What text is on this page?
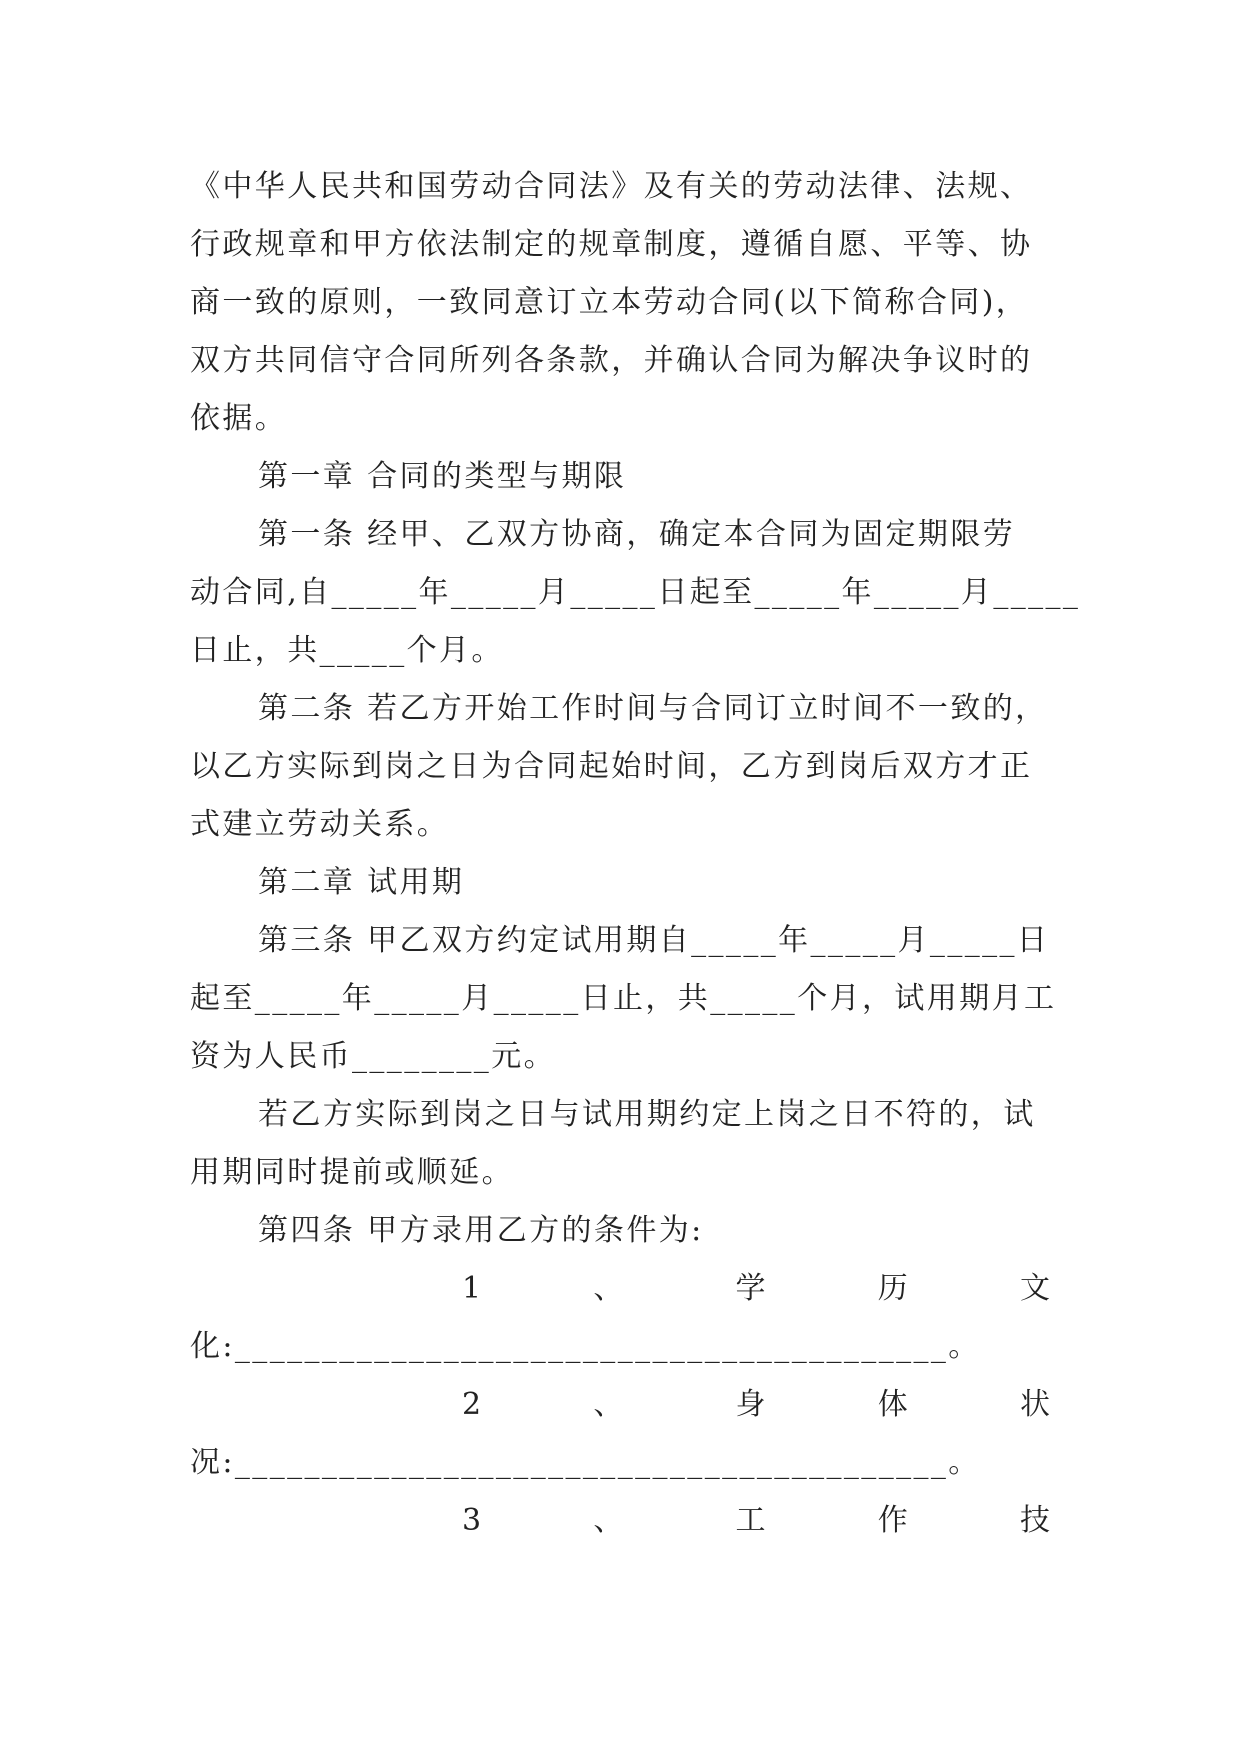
《中华人民共和国劳动合同法》及有关的劳动法律、法规、
行政规章和甲方依法制定的规章制度，遵循自愿、平等、协
商一致的原则，一致同意订立本劳动合同(以下简称合同)，
双方共同信守合同所列各条款，并确认合同为解决争议时的
依据。
第一章 合同的类型与期限
第一条 经甲、乙双方协商，确定本合同为固定期限劳
动合同,自_____年_____月_____日起至_____年_____月_____
日止，共_____个月。
第二条 若乙方开始工作时间与合同订立时间不一致的，
以乙方实际到岗之日为合同起始时间，乙方到岗后双方才正
式建立劳动关系。
第二章 试用期
第三条 甲乙双方约定试用期自_____年_____月_____日
起至_____年_____月_____日止，共_____个月，试用期月工
资为人民币________元。
若乙方实际到岗之日与试用期约定上岗之日不符的，试
用期同时提前或顺延。
第四条 甲方录用乙方的条件为:
1	、	学	历	文
化:_________________________________________。
2	、	身	体	状
况:_________________________________________。
3	、	工	作	技
